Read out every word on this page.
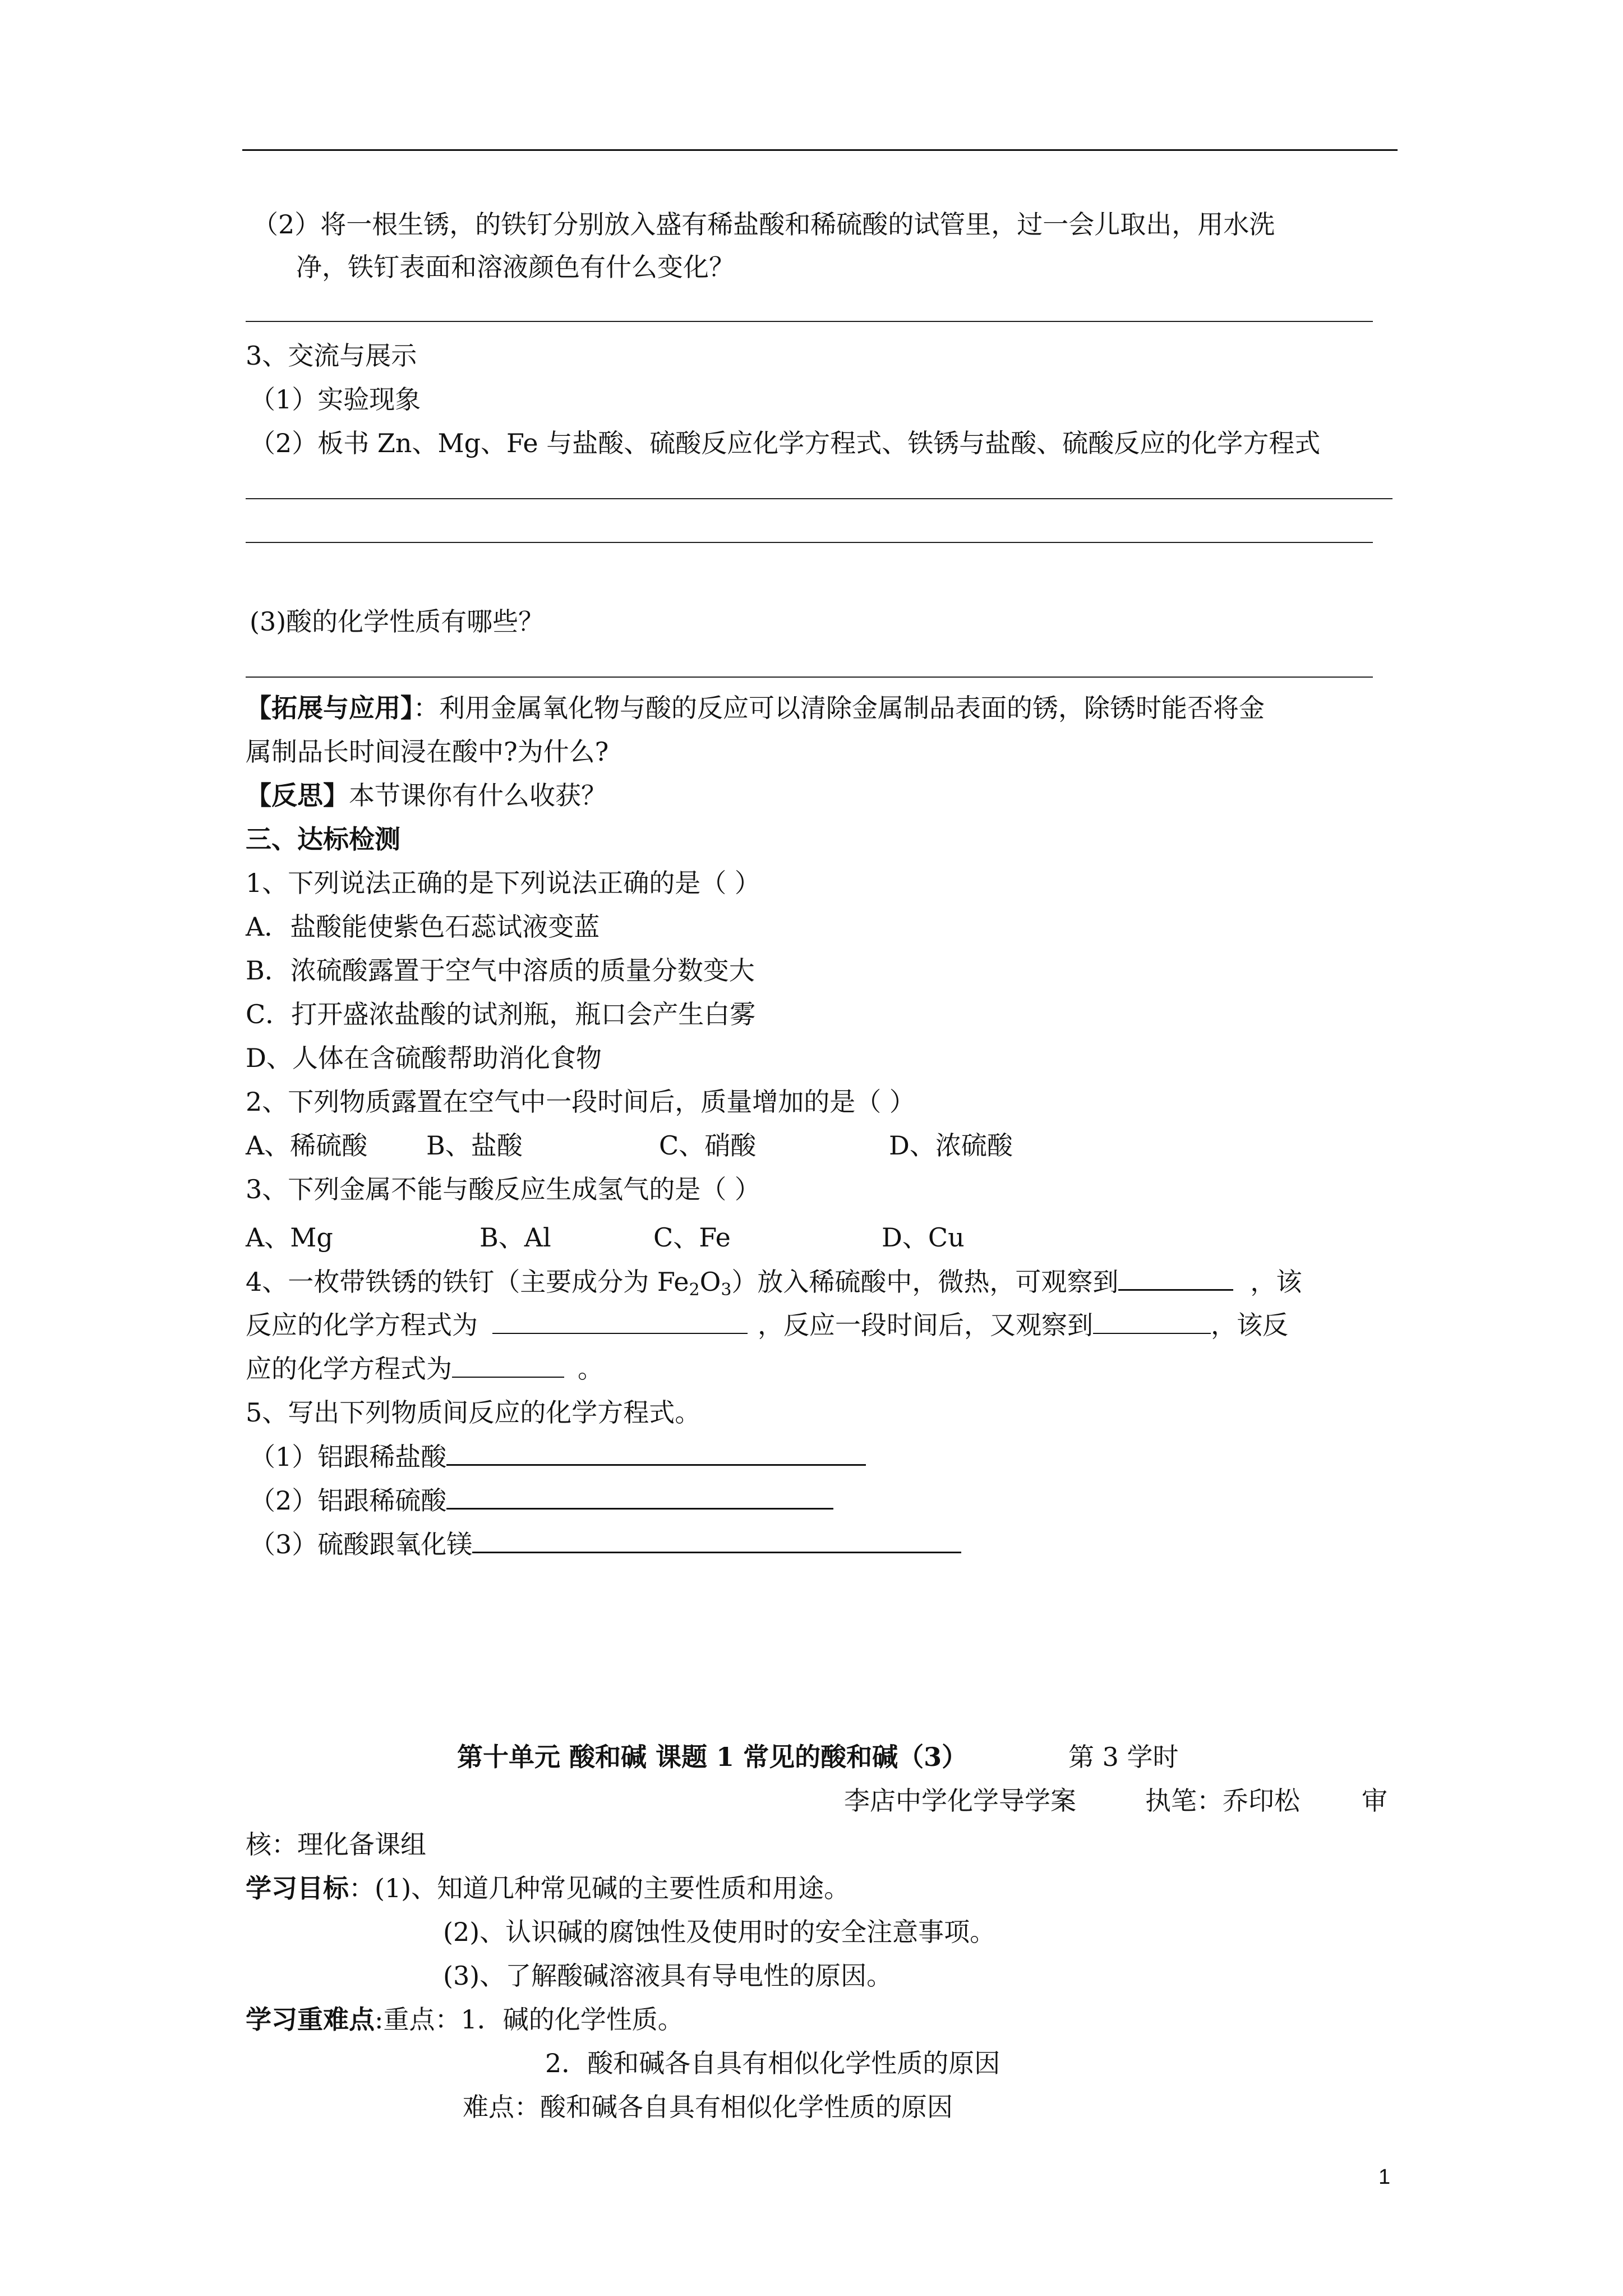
（2）将一根生锈，的铁钉分别放入盛有稀盐酸和稀硫酸的试管里，过一会儿取出，用水洗
净，铁钉表面和溶液颜色有什么变化？
3、交流与展示
（1）实验现象
（2）板书 Zn、Mg、Fe 与盐酸、硫酸反应化学方程式、铁锈与盐酸、硫酸反应的化学方程式
(3)酸的化学性质有哪些？
【拓展与应用】：利用金属氧化物与酸的反应可以清除金属制品表面的锈，除锈时能否将金
属制品长时间浸在酸中?为什么?
【反思】本节课你有什么收获？
三、达标检测
1、下列说法正确的是下列说法正确的是（ ）
A．盐酸能使紫色石蕊试液变蓝
B．浓硫酸露置于空气中溶质的质量分数变大
C．打开盛浓盐酸的试剂瓶，瓶口会产生白雾
D、人体在含硫酸帮助消化食物
2、下列物质露置在空气中一段时间后，质量增加的是（ ）
A、稀硫酸 B、盐酸	C、硝酸	D、浓硫酸
3、下列金属不能与酸反应生成氢气的是（ ）
A、Mg	B、Al	C、Fe	D、Cu
4、一枚带铁锈的铁钉（主要成分为 $Fe_2O_3$）放入稀硫酸中，微热，可观察到	，该
反应的化学方程式为	，反应一段时间后，又观察到	，该反
应的化学方程式为	。
5、写出下列物质间反应的化学方程式。
（1）铝跟稀盐酸
（2）铝跟稀硫酸
（3）硫酸跟氧化镁
第十单元 酸和碱 课题 1 常见的酸和碱（3）	第 3 学时
李店中学化学导学案	执笔：乔印松 审
核：理化备课组
学习目标：(1)、知道几种常见碱的主要性质和用途。
(2)、认识碱的腐蚀性及使用时的安全注意事项。
(3)、了解酸碱溶液具有导电性的原因。
学习重难点:重点：1．碱的化学性质。
2．酸和碱各自具有相似化学性质的原因
难点：酸和碱各自具有相似化学性质的原因
1
